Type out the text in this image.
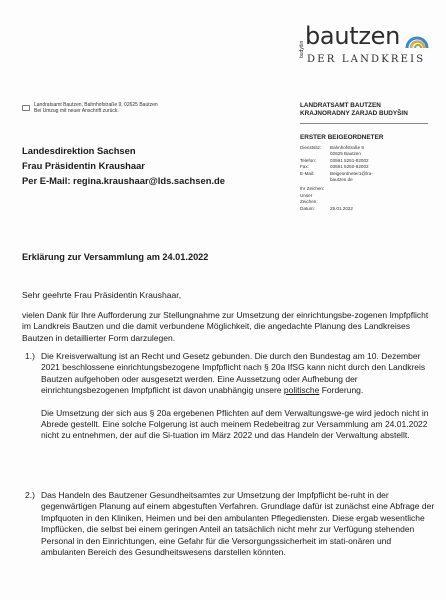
budyšin bautzen
DER LANDKREIS
Landratsamt Bautzen, Bahnhofstraße 9, 02625 Bautzen
Bei Umzug mit neuer Anschrift zurück.
Landesdirektion Sachsen
Frau Präsidentin Kraushaar
Per E-Mail: regina.kraushaar@lds.sachsen.de
LANDRATSAMT BAUTZEN
KRAJNORADNY ZARJAD BUDYŠIN
ERSTER BEIGEORDNETER
Dienstsitz:	Bahnhofstraße 9
02625 Bautzen
Telefon:	03591 5251-82002
Fax:	03591 5250-82002
E-Mail:	Beigeordneter1@lra-
bautzen.de
Ihr Zeichen:
Unser Zeichen:
Datum:	25.01.2022
Erklärung zur Versammlung am 24.01.2022
Sehr geehrte Frau Präsidentin Kraushaar,
vielen Dank für Ihre Aufforderung zur Stellungnahme zur Umsetzung der einrichtungsbe-zogenen Impfpflicht im Landkreis Bautzen und die damit verbundene Möglichkeit, die angedachte Planung des Landkreises Bautzen in detaillierter Form darzulegen.
1.) Die Kreisverwaltung ist an Recht und Gesetz gebunden. Die durch den Bundestag am 10. Dezember 2021 beschlossene einrichtungsbezogene Impfpflicht nach § 20a IfSG kann nicht durch den Landkreis Bautzen aufgehoben oder ausgesetzt werden. Eine Aussetzung oder Aufhebung der einrichtungsbezogenen Impfpflicht ist davon unabhängig unsere politische Forderung.
Die Umsetzung der sich aus § 20a ergebenen Pflichten auf dem Verwaltungswe-ge wird jedoch nicht in Abrede gestellt. Eine solche Folgerung ist auch meinem Redebeitrag zur Versammlung am 24.01.2022 nicht zu entnehmen, der auf die Si-tuation im März 2022 und das Handeln der Verwaltung abstellt.
2.) Das Handeln des Bautzener Gesundheitsamtes zur Umsetzung der Impfpflicht be-ruht in der gegenwärtigen Planung auf einem abgestuften Verfahren. Grundlage dafür ist zunächst eine Abfrage der Impfquoten in den Kliniken, Heimen und bei den ambulanten Pflegediensten. Diese ergab wesentliche Impflücken, die selbst bei einem geringen Anteil an tatsächlich nicht mehr zur Verfügung stehenden Personal in den Einrichtungen, eine Gefahr für die Versorgungssicherheit im stati-onären und ambulanten Bereich des Gesundheitswesens darstellen könnten.
